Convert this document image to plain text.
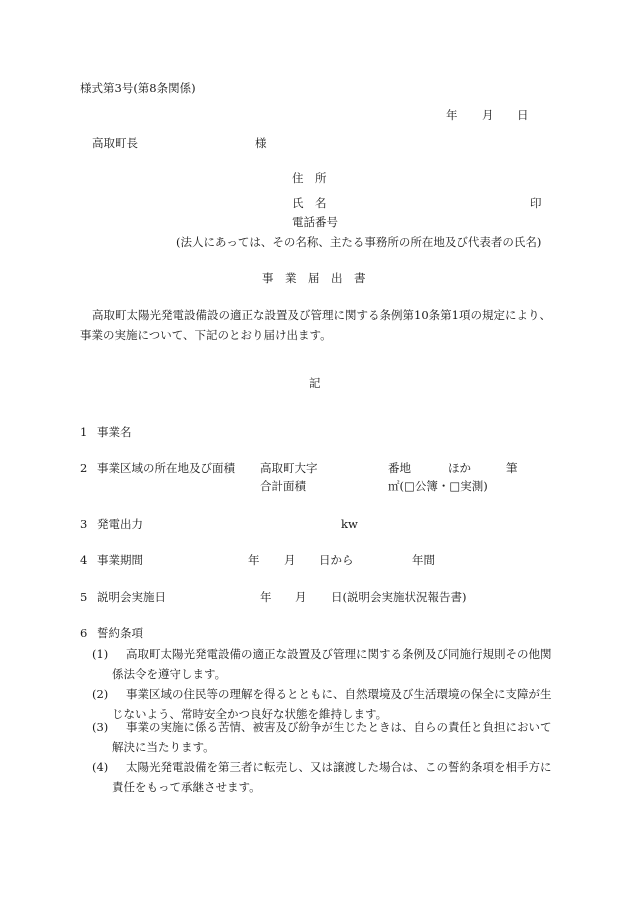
様式第3号(第8条関係)
年 月 日
高取町長	様
住　所
氏　名	印
電話番号
(法人にあっては、その名称、主たる事務所の所在地及び代表者の氏名)
事　業　届　出　書
高取町太陽光発電設備設の適正な設置及び管理に関する条例第10条第1項の規定により、事業の実施について、下記のとおり届け出ます。
記
1 事業名
2 事業区域の所在地及び面積 高取町大字	番地	ほか	筆
合計面積	㎡(□公簿・□実測)
3 発電出力	kw
4 事業期間	年 月 日から	年間
5 説明会実施日	年 月 日(説明会実施状況報告書)
6 誓約条項
(1)	高取町太陽光発電設備の適正な設置及び管理に関する条例及び同施行規則その他関係法令を遵守します。
(2)	事業区域の住民等の理解を得るとともに、自然環境及び生活環境の保全に支障が生じないよう、常時安全かつ良好な状態を維持します。
(3)	事業の実施に係る苦情、被害及び紛争が生じたときは、自らの責任と負担において解決に当たります。
(4)	太陽光発電設備を第三者に転売し、又は譲渡した場合は、この誓約条項を相手方に責任をもって承継させます。
